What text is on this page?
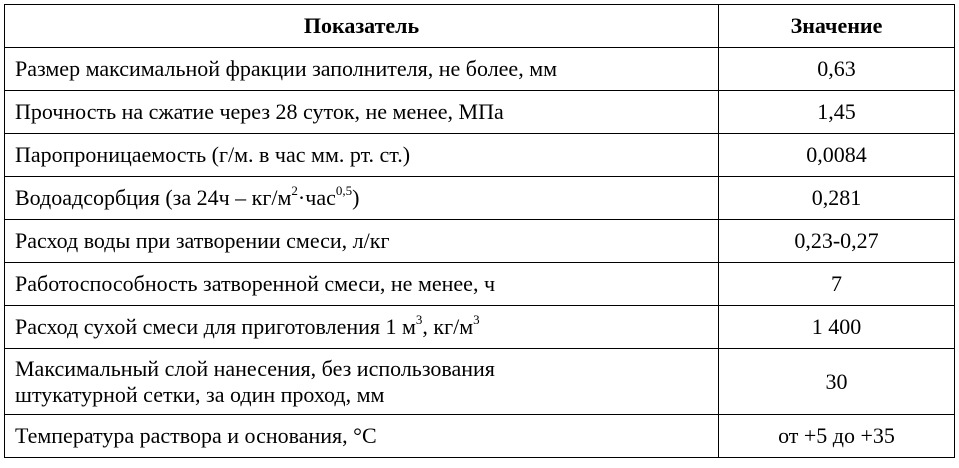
Показатель	Значение
Размер максимальной фракции заполнителя, не более, мм	0,63
Прочность на сжатие через 28 суток, не менее, МПа	1,45
Паропроницаемость (г/м. в час мм. рт. ст.)	0,0084
Водоадсорбция (за $24ч - кг/м^2\cdot час^{0,5}$)	0,281
Расход воды при затворении смеси, л/кг	0,23-0,27
Работоспособность затворенной смеси, не менее, ч	7
Расход сухой смеси для приготовления 1 $м^3$, $кг/м^3$	1 400
Максимальный слой нанесения, без использования
штукатурной сетки, за один проход, мм	30
Температура раствора и основания, °С	от +5 до +35
